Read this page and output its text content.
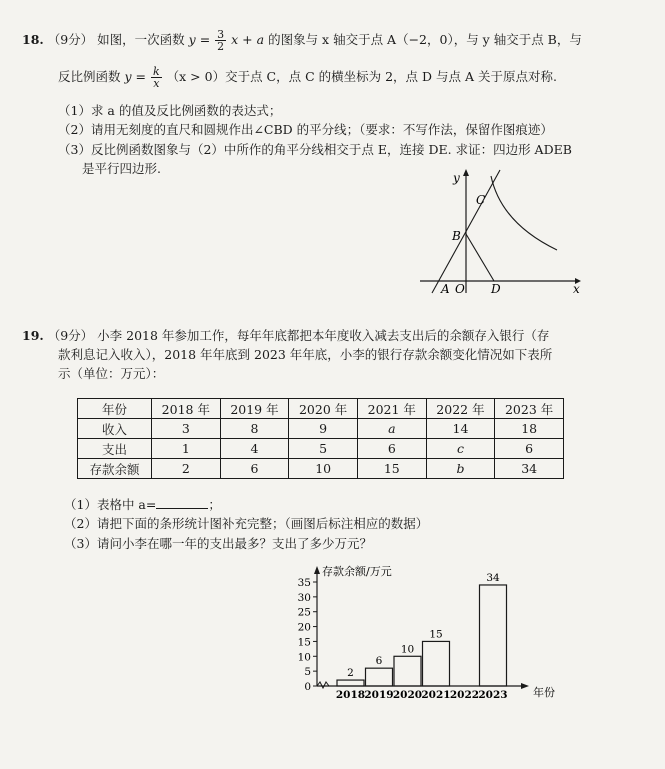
18. （9分） 如图，一次函数 $y = \frac{3}{2}$ x + a 的图象与 x 轴交于点 A（−2，0），与 y 轴交于点 B，与
反比例函数 $y = \frac{k}{x} (x > 0)$交于点 C，点 C 的横坐标为 2，点 D 与点 A 关于原点对称.
（1）求 a 的值及反比例函数的表达式；
（2）请用无刻度的直尺和圆规作出∠CBD 的平分线；（要求：不写作法，保留作图痕迹）
（3）反比例函数图象与（2）中所作的角平分线相交于点 E，连接 DE. 求证：四边形 ADEB
是平行四边形.
y
x
C
B
A O D
19. （9分） 小李 2018 年参加工作，每年年底都把本年度收入减去支出后的余额存入银行（存
款利息记入收入），2018 年年底到 2023 年年底，小李的银行存款余额变化情况如下表所
示（单位：万元）：
年份	2018 年	2019 年	2020 年	2021 年	2022 年	2023 年
收入	3	8	9	a	14	18
支出	1	4	5	6	c	6
存款余额	2	6	10	15	b	34
（1）表格中 a=	；
（2）请把下面的条形统计图补充完整；（画图后标注相应的数据）
（3）请问小李在哪一年的支出最多？支出了多少万元？
存款余额/万元
年份
0
5
10
15
20
25
30
35
2018
2
2019
6
2020
10
2021
15
2022 2023
34
